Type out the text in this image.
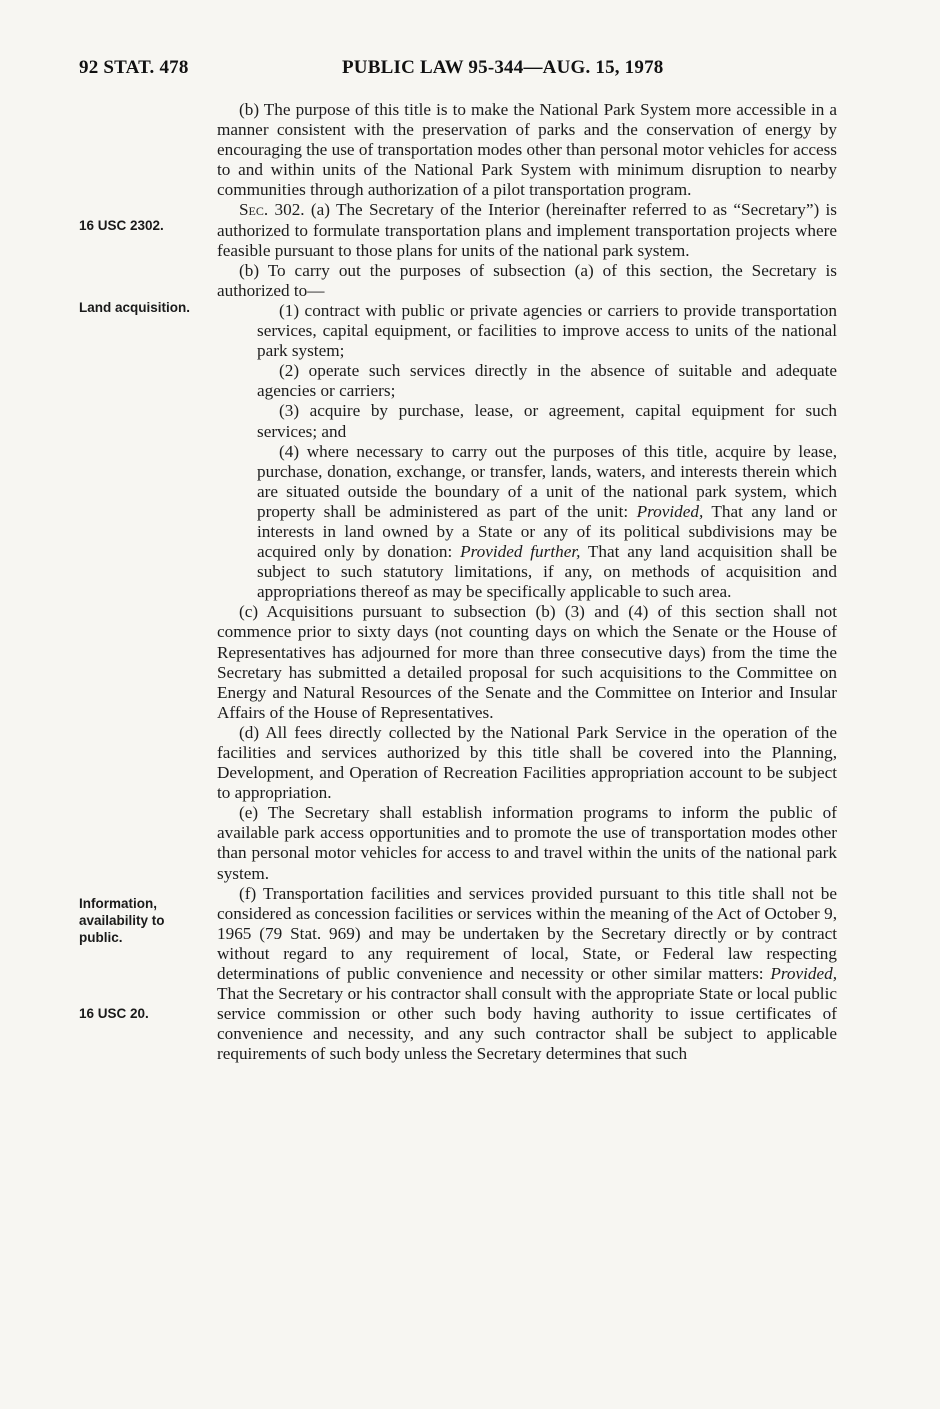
92 STAT. 478	PUBLIC LAW 95-344—AUG. 15, 1978
16 USC 2302.
Land acquisition.
Information, availability to public.
16 USC 20.

(b) The purpose of this title is to make the National Park System more accessible in a manner consistent with the preservation of parks and the conservation of energy by encouraging the use of transportation modes other than personal motor vehicles for access to and within units of the National Park System with minimum disruption to nearby communities through authorization of a pilot transportation program.

Sec. 302. (a) The Secretary of the Interior (hereinafter referred to as “Secretary”) is authorized to formulate transportation plans and implement transportation projects where feasible pursuant to those plans for units of the national park system.

(b) To carry out the purposes of subsection (a) of this section, the Secretary is authorized to—

(1) contract with public or private agencies or carriers to provide transportation services, capital equipment, or facilities to improve access to units of the national park system;

(2) operate such services directly in the absence of suitable and adequate agencies or carriers;

(3) acquire by purchase, lease, or agreement, capital equipment for such services; and

(4) where necessary to carry out the purposes of this title, acquire by lease, purchase, donation, exchange, or transfer, lands, waters, and interests therein which are situated outside the boundary of a unit of the national park system, which property shall be administered as part of the unit: Provided, That any land or interests in land owned by a State or any of its political subdivisions may be acquired only by donation: Provided further, That any land acquisition shall be subject to such statutory limitations, if any, on methods of acquisition and appropriations thereof as may be specifically applicable to such area.

(c) Acquisitions pursuant to subsection (b) (3) and (4) of this section shall not commence prior to sixty days (not counting days on which the Senate or the House of Representatives has adjourned for more than three consecutive days) from the time the Secretary has submitted a detailed proposal for such acquisitions to the Committee on Energy and Natural Resources of the Senate and the Committee on Interior and Insular Affairs of the House of Representatives.

(d) All fees directly collected by the National Park Service in the operation of the facilities and services authorized by this title shall be covered into the Planning, Development, and Operation of Recreation Facilities appropriation account to be subject to appropriation.

(e) The Secretary shall establish information programs to inform the public of available park access opportunities and to promote the use of transportation modes other than personal motor vehicles for access to and travel within the units of the national park system.

(f) Transportation facilities and services provided pursuant to this title shall not be considered as concession facilities or services within the meaning of the Act of October 9, 1965 (79 Stat. 969) and may be undertaken by the Secretary directly or by contract without regard to any requirement of local, State, or Federal law respecting determinations of public convenience and necessity or other similar matters: Provided, That the Secretary or his contractor shall consult with the appropriate State or local public service commission or other such body having authority to issue certificates of convenience and necessity, and any such contractor shall be subject to applicable requirements of such body unless the Secretary determines that such
